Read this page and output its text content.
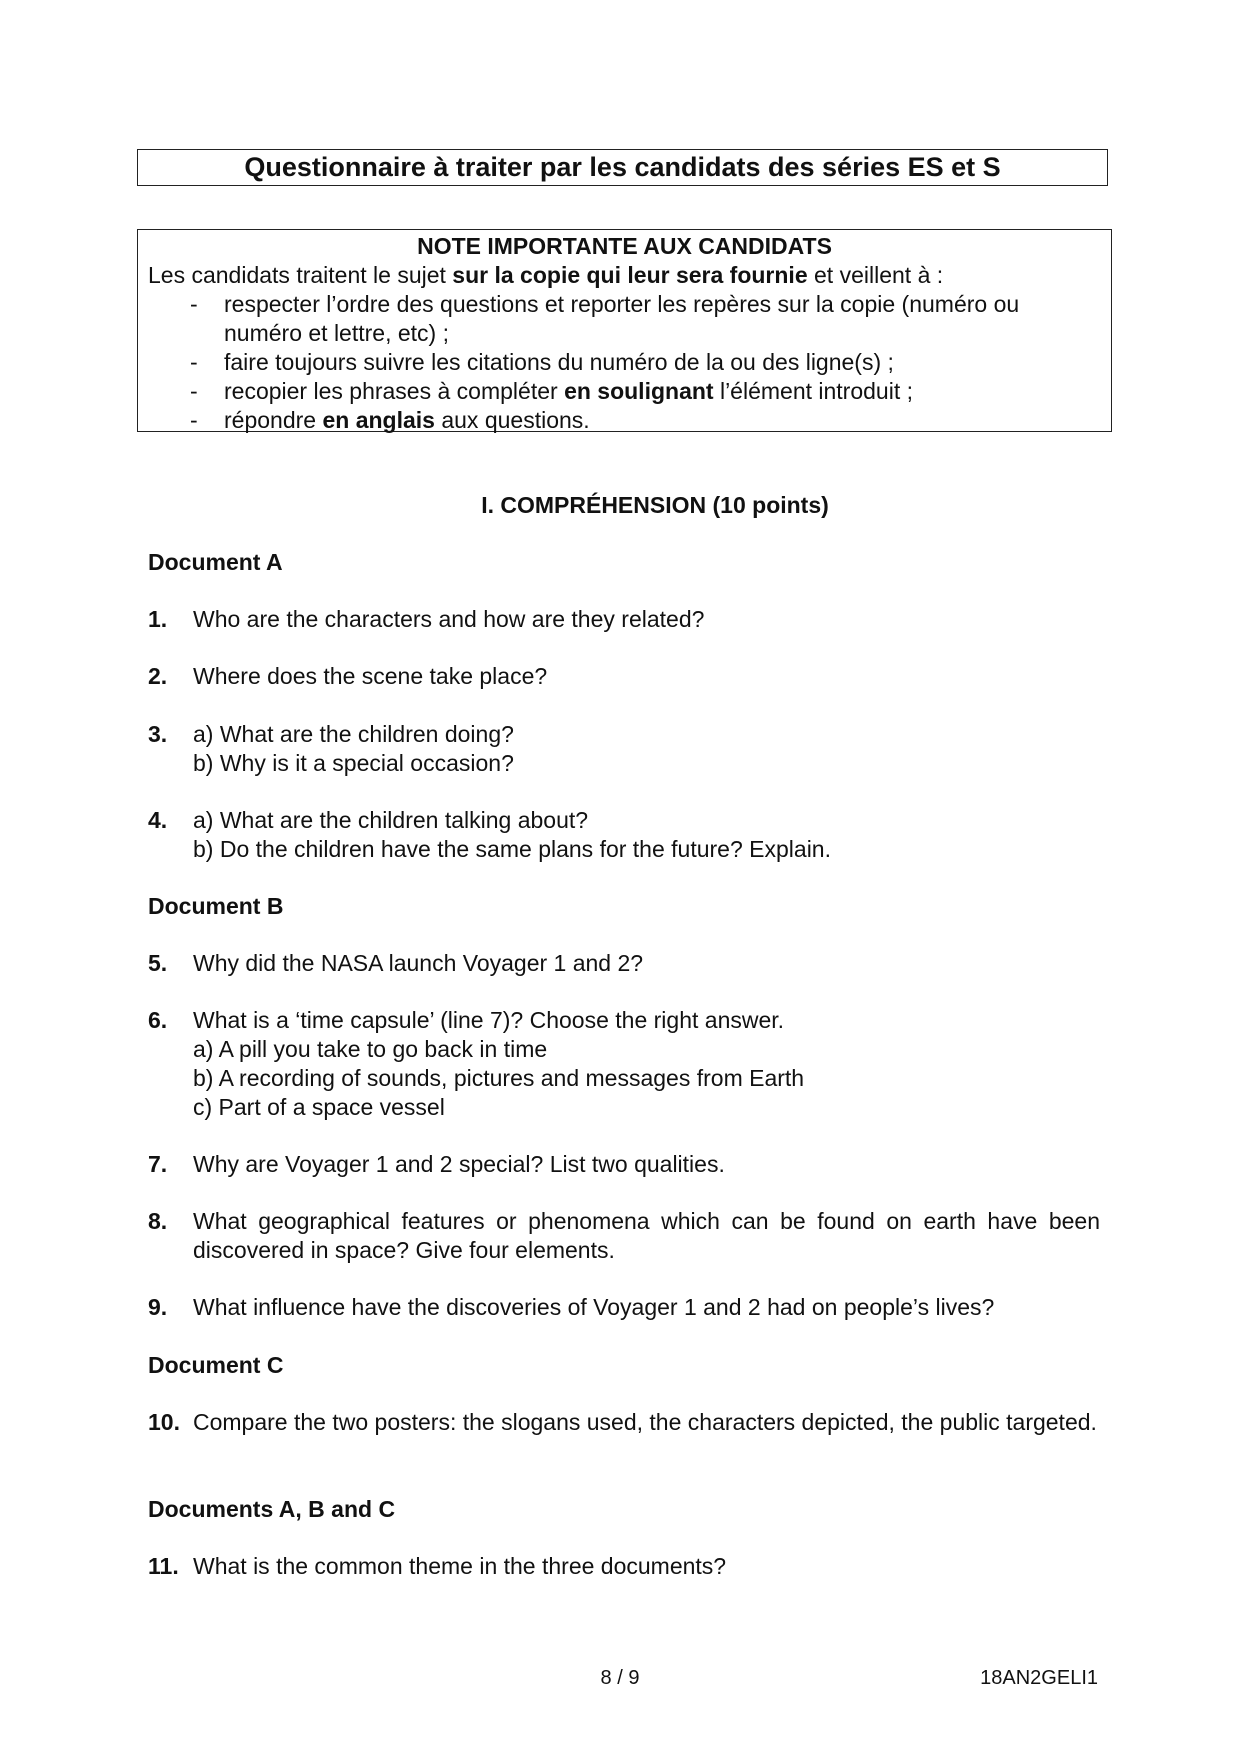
Questionnaire à traiter par les candidats des séries ES et S
NOTE IMPORTANTE AUX CANDIDATS
Les candidats traitent le sujet sur la copie qui leur sera fournie et veillent à :
- respecter l’ordre des questions et reporter les repères sur la copie (numéro ou numéro et lettre, etc) ;
- faire toujours suivre les citations du numéro de la ou des ligne(s) ;
- recopier les phrases à compléter en soulignant l’élément introduit ;
- répondre en anglais aux questions.
I. COMPRÉHENSION (10 points)
Document A
1. Who are the characters and how are they related?
2. Where does the scene take place?
3. a) What are the children doing?
b) Why is it a special occasion?
4. a) What are the children talking about?
b) Do the children have the same plans for the future? Explain.
Document B
5. Why did the NASA launch Voyager 1 and 2?
6. What is a ‘time capsule’ (line 7)? Choose the right answer.
a) A pill you take to go back in time
b) A recording of sounds, pictures and messages from Earth
c) Part of a space vessel
7. Why are Voyager 1 and 2 special? List two qualities.
8. What geographical features or phenomena which can be found on earth have been discovered in space? Give four elements.
9. What influence have the discoveries of Voyager 1 and 2 had on people’s lives?
Document C
10. Compare the two posters: the slogans used, the characters depicted, the public targeted.
Documents A, B and C
11. What is the common theme in the three documents?
8 / 9	18AN2GELI1
